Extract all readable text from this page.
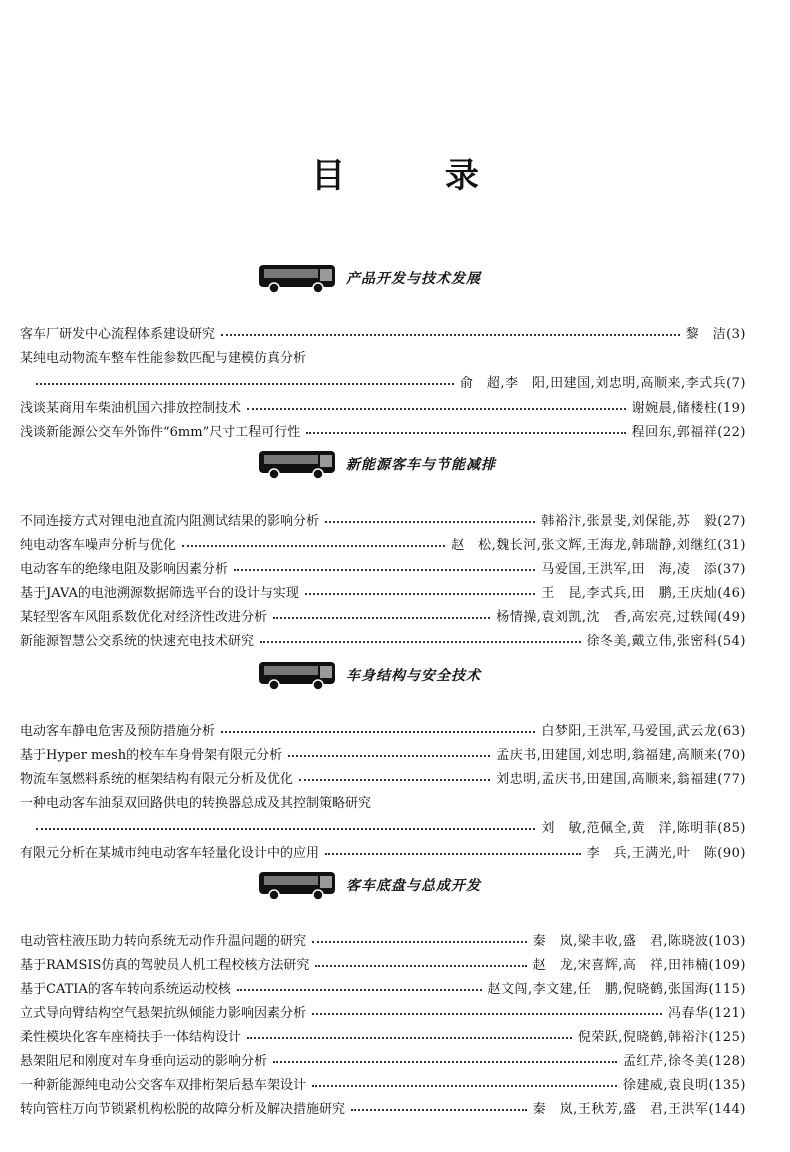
目 录
产品开发与技术发展
客车厂研发中心流程体系建设研究	黎　洁(3)
某纯电动物流车整车性能参数匹配与建模仿真分析
俞　超,李　阳,田建国,刘忠明,高顺来,李式兵(7)
浅谈某商用车柴油机国六排放控制技术	谢婉晨,储楼柱(19)
浅谈新能源公交车外饰件“6mm”尺寸工程可行性	程回东,郭福祥(22)
新能源客车与节能减排
不同连接方式对锂电池直流内阻测试结果的影响分析	韩裕汴,张景斐,刘保能,苏　毅(27)
纯电动客车噪声分析与优化	赵　松,魏长河,张文辉,王海龙,韩瑞静,刘继红(31)
电动客车的绝缘电阻及影响因素分析	马爱国,王洪军,田　海,凌　添(37)
基于JAVA的电池溯源数据筛选平台的设计与实现	王　昆,李式兵,田　鹏,王庆灿(46)
某轻型客车风阻系数优化对经济性改进分析	杨情操,袁刘凯,沈　香,高宏亮,过轶闻(49)
新能源智慧公交系统的快速充电技术研究	徐冬美,戴立伟,张密科(54)
车身结构与安全技术
电动客车静电危害及预防措施分析	白梦阳,王洪军,马爱国,武云龙(63)
基于Hyper mesh的校车车身骨架有限元分析	孟庆书,田建国,刘忠明,翁福建,高顺来(70)
物流车氢燃料系统的框架结构有限元分析及优化	刘忠明,孟庆书,田建国,高顺来,翁福建(77)
一种电动客车油泵双回路供电的转换器总成及其控制策略研究
刘　敏,范佩全,黄　洋,陈明菲(85)
有限元分析在某城市纯电动客车轻量化设计中的应用	李　兵,王满光,叶　陈(90)
客车底盘与总成开发
电动管柱液压助力转向系统无动作升温问题的研究	秦　岚,梁丰收,盛　君,陈晓波(103)
基于RAMSIS仿真的驾驶员人机工程校核方法研究	赵　龙,宋喜辉,高　祥,田祎楠(109)
基于CATIA的客车转向系统运动校核	赵文闯,李文建,任　鹏,倪晓鹤,张国海(115)
立式导向臂结构空气悬架抗纵倾能力影响因素分析	冯春华(121)
柔性模块化客车座椅扶手一体结构设计	倪荣跃,倪晓鹤,韩裕汴(125)
悬架阻尼和刚度对车身垂向运动的影响分析	孟红芹,徐冬美(128)
一种新能源纯电动公交客车双排桁架后悬车架设计	徐建威,袁良明(135)
转向管柱万向节锁紧机构松脱的故障分析及解决措施研究	秦　岚,王秋芳,盛　君,王洪军(144)
